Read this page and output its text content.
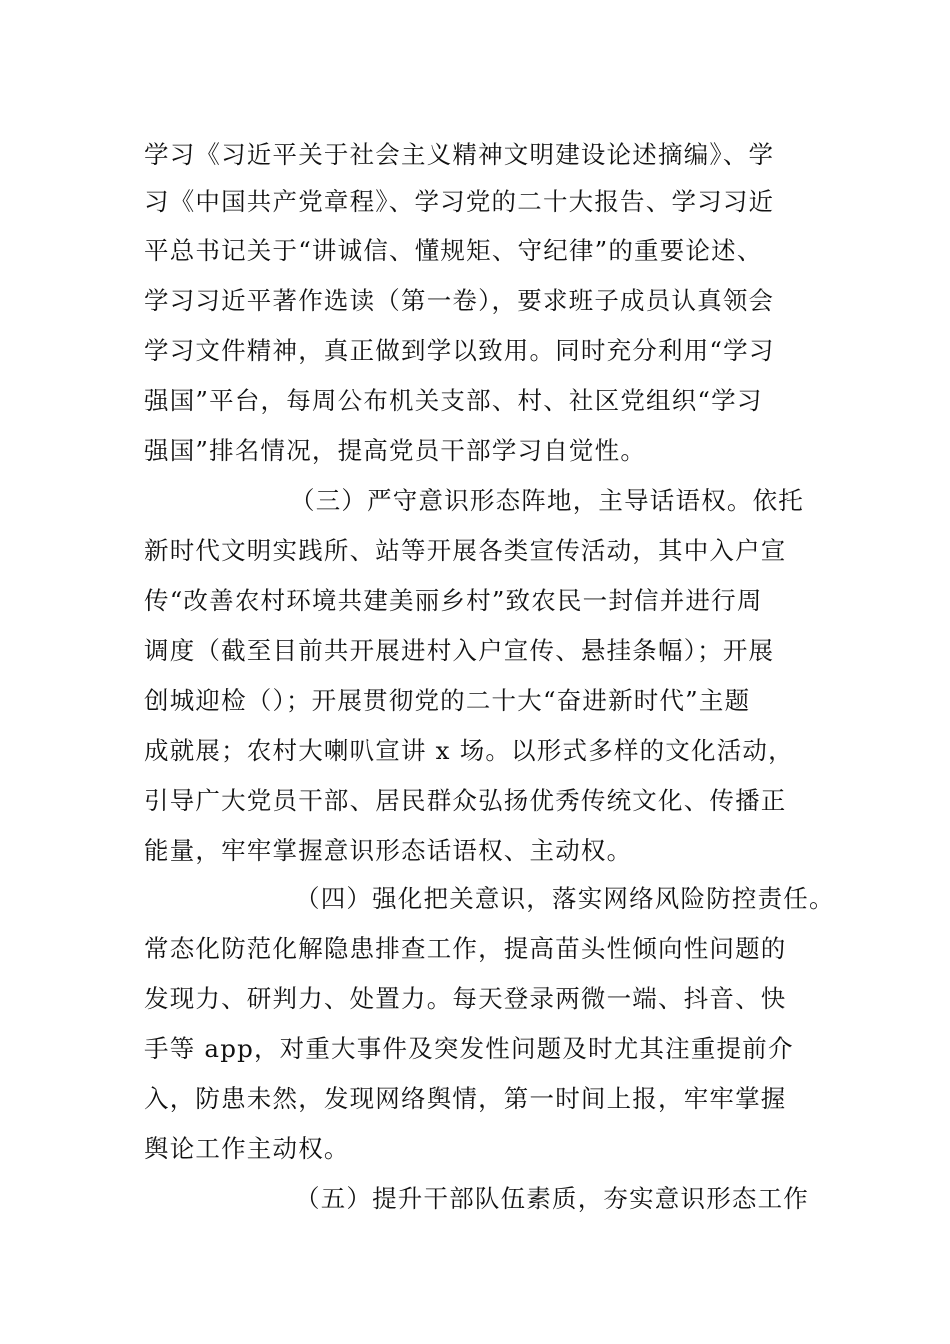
学习《习近平关于社会主义精神文明建设论述摘编》、学

习《中国共产党章程》、学习党的二十大报告、学习习近

平总书记关于“讲诚信、懂规矩、守纪律”的重要论述、

学习习近平著作选读（第一卷），要求班子成员认真领会

学习文件精神，真正做到学以致用。同时充分利用“学习

强国”平台，每周公布机关支部、村、社区党组织“学习

强国”排名情况，提高党员干部学习自觉性。

（三）严守意识形态阵地，主导话语权。依托

新时代文明实践所、站等开展各类宣传活动，其中入户宣

传“改善农村环境共建美丽乡村”致农民一封信并进行周

调度（截至目前共开展进村入户宣传、悬挂条幅）；开展

创城迎检（）；开展贯彻党的二十大“奋进新时代”主题

成就展；农村大喇叭宣讲 x 场。以形式多样的文化活动，

引导广大党员干部、居民群众弘扬优秀传统文化、传播正

能量，牢牢掌握意识形态话语权、主动权。

（四）强化把关意识，落实网络风险防控责任。

常态化防范化解隐患排查工作，提高苗头性倾向性问题的

发现力、研判力、处置力。每天登录两微一端、抖音、快

手等 app，对重大事件及突发性问题及时尤其注重提前介

入，防患未然，发现网络舆情，第一时间上报，牢牢掌握

舆论工作主动权。

（五）提升干部队伍素质，夯实意识形态工作
